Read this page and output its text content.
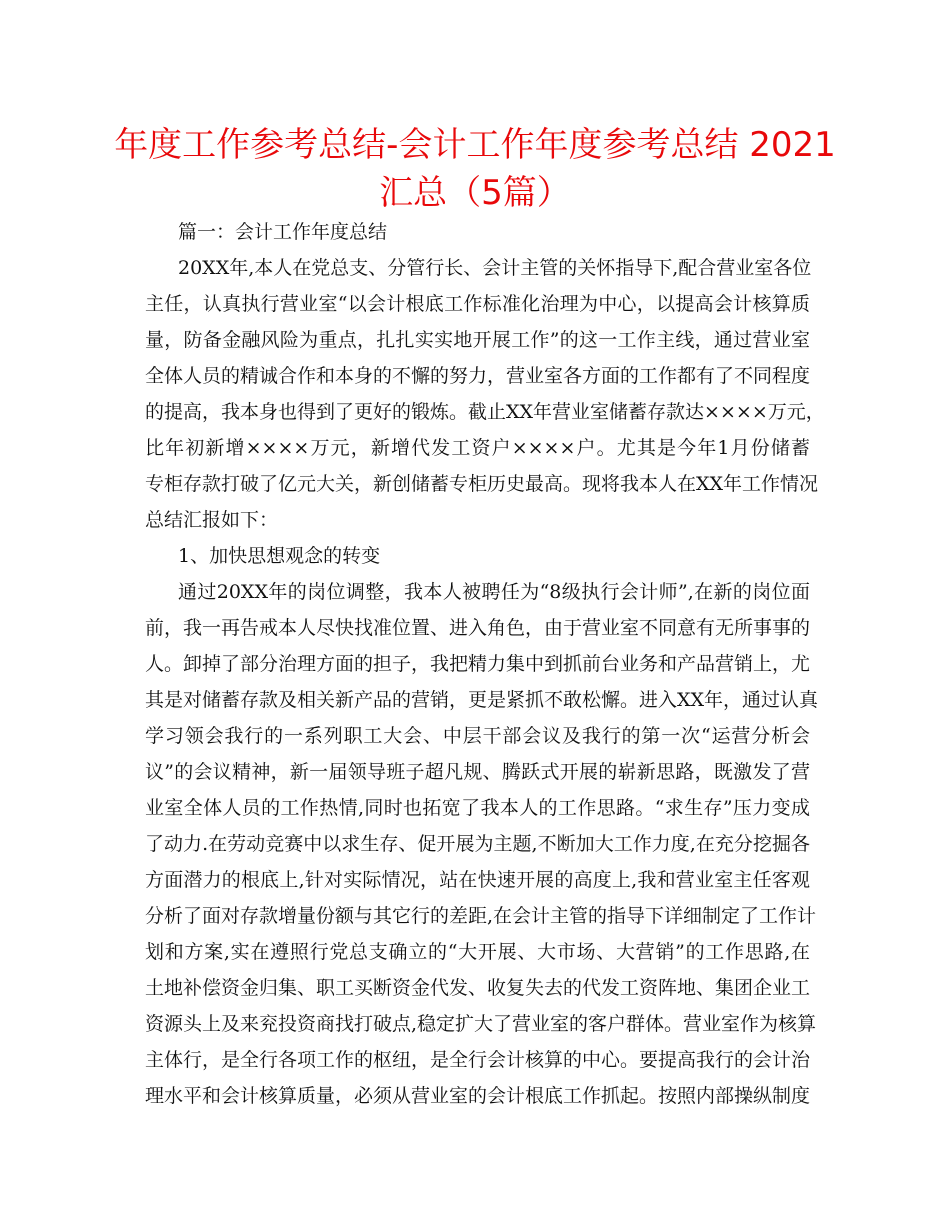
年度工作参考总结-会计工作年度参考总结 2021
汇总（5篇）
篇一：会计工作年度总结
20XX年,本人在党总支、分管行长、会计主管的关怀指导下,配合营业室各位
主任，认真执行营业室“以会计根底工作标准化治理为中心，以提高会计核算质
量，防备金融风险为重点，扎扎实实地开展工作”的这一工作主线，通过营业室
全体人员的精诚合作和本身的不懈的努力，营业室各方面的工作都有了不同程度
的提高，我本身也得到了更好的锻炼。截止XX年营业室储蓄存款达××××万元，
比年初新增××××万元，新增代发工资户××××户。尤其是今年1月份储蓄
专柜存款打破了亿元大关，新创储蓄专柜历史最高。现将我本人在XX年工作情况
总结汇报如下：
1、加快思想观念的转变
通过20XX年的岗位调整，我本人被聘任为“8级执行会计师”,在新的岗位面
前，我一再告戒本人尽快找准位置、进入角色，由于营业室不同意有无所事事的
人。卸掉了部分治理方面的担子，我把精力集中到抓前台业务和产品营销上，尤
其是对储蓄存款及相关新产品的营销，更是紧抓不敢松懈。进入XX年，通过认真
学习领会我行的一系列职工大会、中层干部会议及我行的第一次“运营分析会
议”的会议精神，新一届领导班子超凡规、腾跃式开展的崭新思路，既激发了营
业室全体人员的工作热情,同时也拓宽了我本人的工作思路。“求生存”压力变成
了动力.在劳动竞赛中以求生存、促开展为主题,不断加大工作力度,在充分挖掘各
方面潜力的根底上,针对实际情况，站在快速开展的高度上,我和营业室主任客观
分析了面对存款增量份额与其它行的差距,在会计主管的指导下详细制定了工作计
划和方案,实在遵照行党总支确立的“大开展、大市场、大营销”的工作思路,在
土地补偿资金归集、职工买断资金代发、收复失去的代发工资阵地、集团企业工
资源头上及来兖投资商找打破点,稳定扩大了营业室的客户群体。营业室作为核算
主体行，是全行各项工作的枢纽，是全行会计核算的中心。要提高我行的会计治
理水平和会计核算质量，必须从营业室的会计根底工作抓起。按照内部操纵制度
